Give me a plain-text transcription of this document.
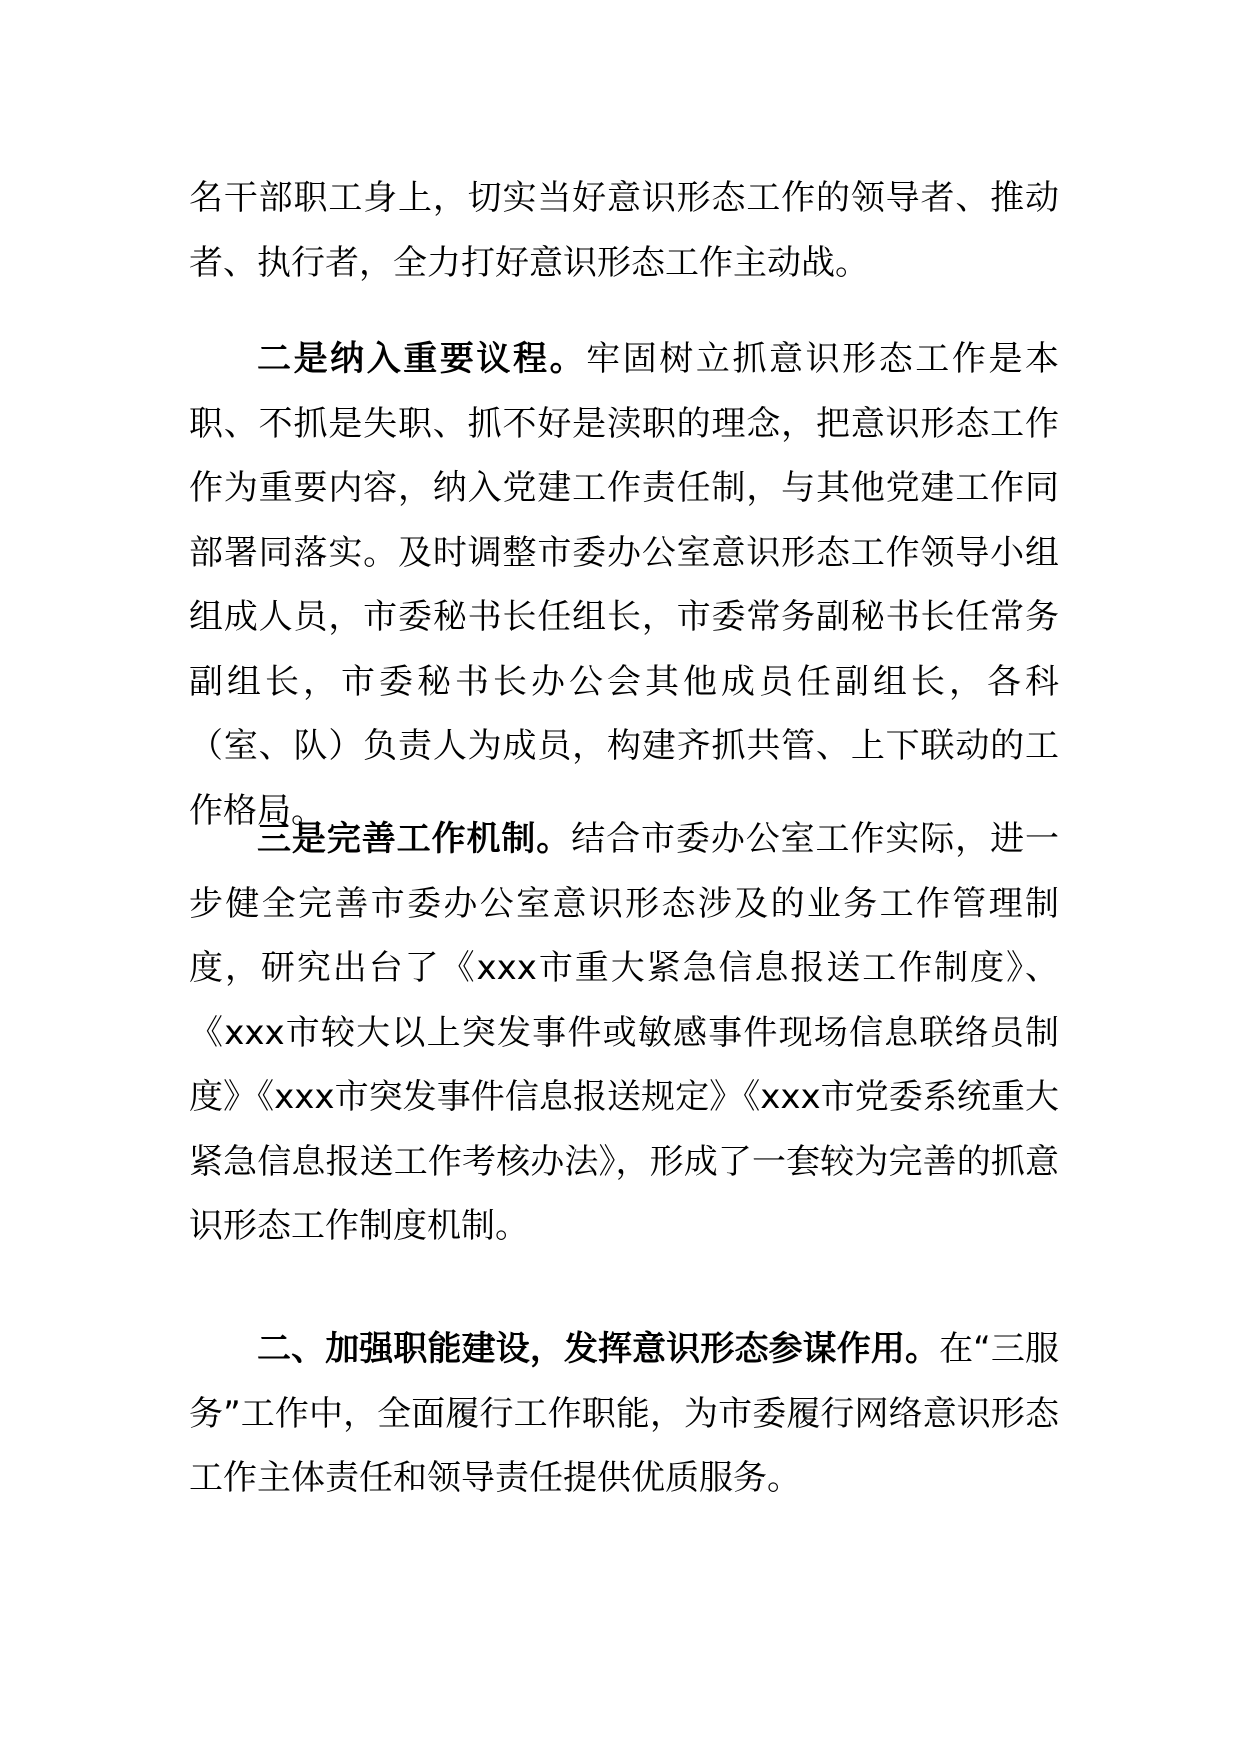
名干部职工身上，切实当好意识形态工作的领导者、推动者、执行者，全力打好意识形态工作主动战。

二是纳入重要议程。牢固树立抓意识形态工作是本职、不抓是失职、抓不好是渎职的理念，把意识形态工作作为重要内容，纳入党建工作责任制，与其他党建工作同部署同落实。及时调整市委办公室意识形态工作领导小组组成人员，市委秘书长任组长，市委常务副秘书长任常务副组长，市委秘书长办公会其他成员任副组长，各科（室、队）负责人为成员，构建齐抓共管、上下联动的工作格局。

三是完善工作机制。结合市委办公室工作实际，进一步健全完善市委办公室意识形态涉及的业务工作管理制度，研究出台了《xxx市重大紧急信息报送工作制度》、《xxx市较大以上突发事件或敏感事件现场信息联络员制度》《xxx市突发事件信息报送规定》《xxx市党委系统重大紧急信息报送工作考核办法》，形成了一套较为完善的抓意识形态工作制度机制。

二、加强职能建设，发挥意识形态参谋作用。在“三服务”工作中，全面履行工作职能，为市委履行网络意识形态工作主体责任和领导责任提供优质服务。
